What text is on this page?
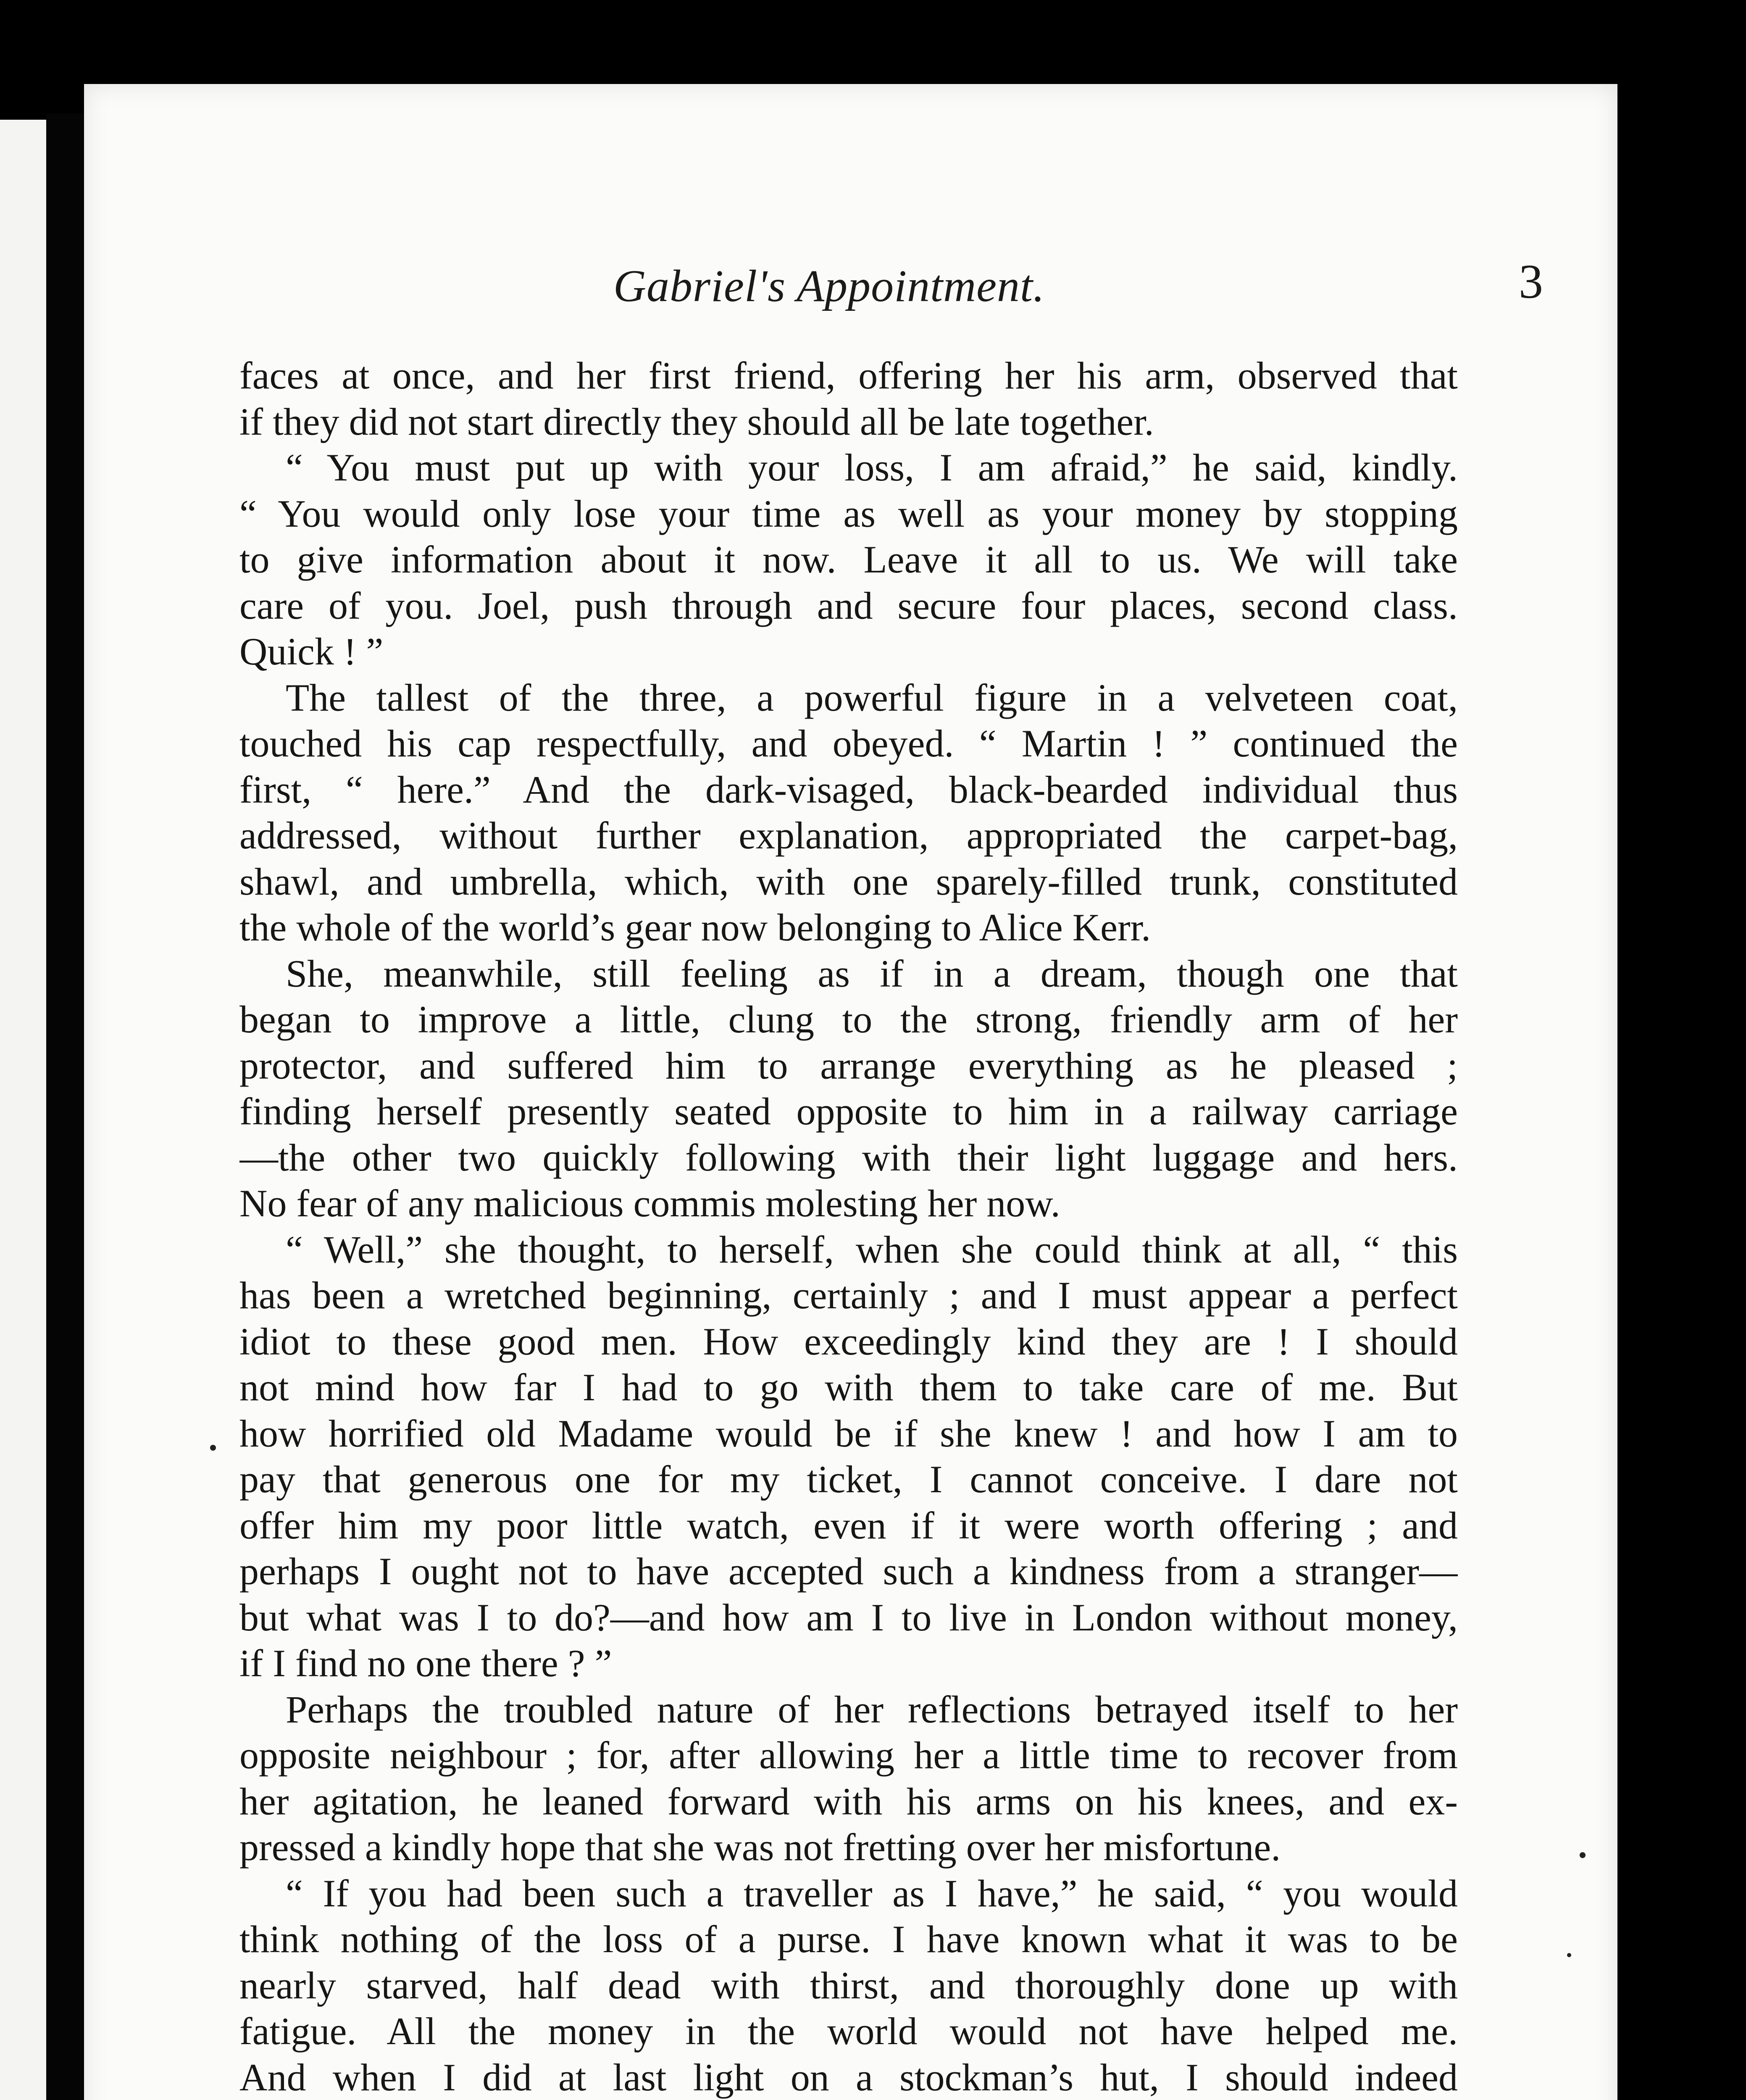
Gabriel's Appointment.	3
faces at once, and her first friend, offering her his arm, observed that
if they did not start directly they should all be late together.
“ You must put up with your loss, I am afraid,” he said, kindly.
“ You would only lose your time as well as your money by stopping
to give information about it now. Leave it all to us. We will take
care of you. Joel, push through and secure four places, second class.
Quick ! ”
The tallest of the three, a powerful figure in a velveteen coat,
touched his cap respectfully, and obeyed. “ Martin ! ” continued the
first, “ here.” And the dark-visaged, black-bearded individual thus
addressed, without further explanation, appropriated the carpet-bag,
shawl, and umbrella, which, with one sparely-filled trunk, constituted
the whole of the world’s gear now belonging to Alice Kerr.
She, meanwhile, still feeling as if in a dream, though one that
began to improve a little, clung to the strong, friendly arm of her
protector, and suffered him to arrange everything as he pleased ;
finding herself presently seated opposite to him in a railway carriage
—the other two quickly following with their light luggage and hers.
No fear of any malicious commis molesting her now.
“ Well,” she thought, to herself, when she could think at all, “ this
has been a wretched beginning, certainly ; and I must appear a perfect
idiot to these good men. How exceedingly kind they are ! I should
not mind how far I had to go with them to take care of me. But
how horrified old Madame would be if she knew ! and how I am to
pay that generous one for my ticket, I cannot conceive. I dare not
offer him my poor little watch, even if it were worth offering ; and
perhaps I ought not to have accepted such a kindness from a stranger—
but what was I to do?—and how am I to live in London without money,
if I find no one there ? ”
Perhaps the troubled nature of her reflections betrayed itself to her
opposite neighbour ; for, after allowing her a little time to recover from
her agitation, he leaned forward with his arms on his knees, and ex-
pressed a kindly hope that she was not fretting over her misfortune.
“ If you had been such a traveller as I have,” he said, “ you would
think nothing of the loss of a purse. I have known what it was to be
nearly starved, half dead with thirst, and thoroughly done up with
fatigue. All the money in the world would not have helped me.
And when I did at last light on a stockman’s hut, I should indeed
